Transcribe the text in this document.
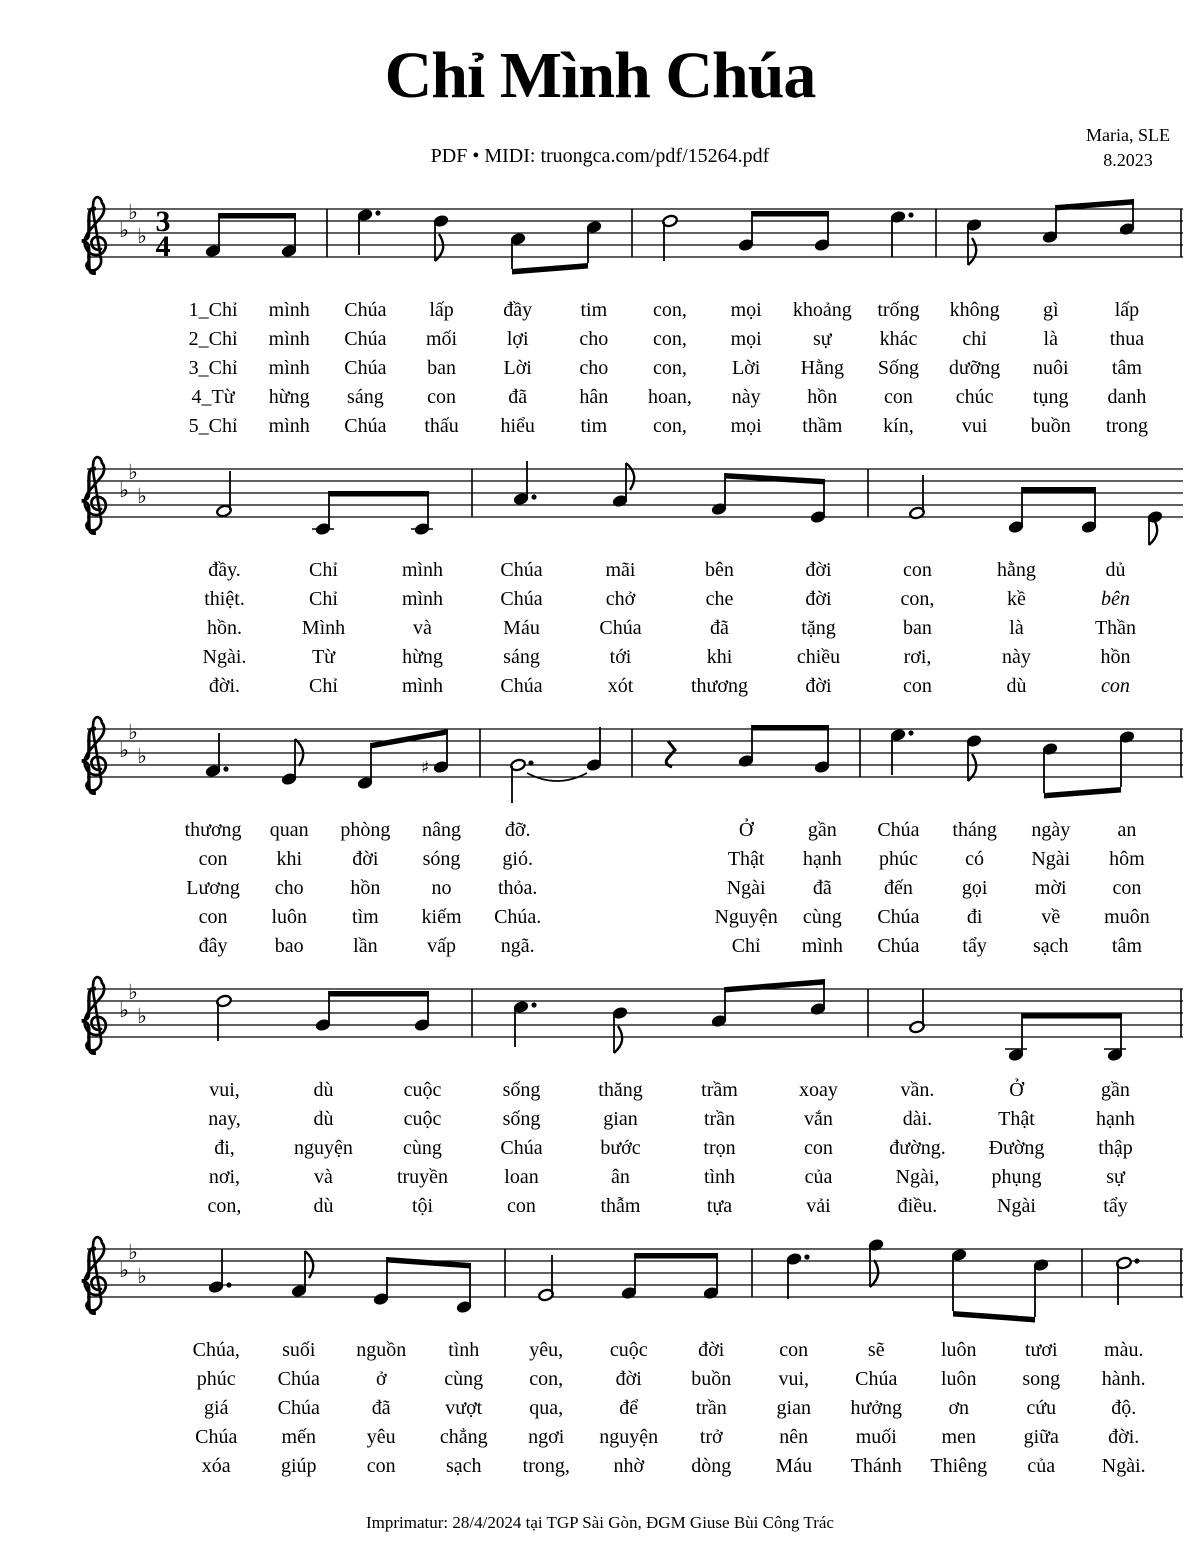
Chỉ Mình Chúa
PDF • MIDI: truongca.com/pdf/15264.pdf
Maria, SLE
8.2023
{ ♭
♭
♭ 3
4
1_Chỉ	mình	Chúa	lấp	đầy	tim	con,	mọi	khoảng	trống	không	gì	lấp
2_Chỉ	mình	Chúa	mối	lợi	cho	con,	mọi	sự	khác	chỉ	là	thua
3_Chỉ	mình	Chúa	ban	Lời	cho	con,	Lời	Hằng	Sống	dưỡng	nuôi	tâm
4_Từ	hừng	sáng	con	đã	hân	hoan,	này	hồn	con	chúc	tụng	danh
5_Chỉ	mình	Chúa	thấu	hiểu	tim	con,	mọi	thầm	kín,	vui	buồn	trong
{ ♭
♭
♭
đầy.	Chỉ	mình	Chúa	mãi	bên	đời	con	hằng	dủ
thiệt.	Chỉ	mình	Chúa	chở	che	đời	con,	kề	bên
hồn.	Mình	và	Máu	Chúa	đã	tặng	ban	là	Thần
Ngài.	Từ	hừng	sáng	tới	khi	chiều	rơi,	này	hồn
đời.	Chỉ	mình	Chúa	xót	thương	đời	con	dù	con
{ ♭
♭
♭	♯
thương	quan	phòng	nâng	đỡ.	Ở	gần	Chúa	tháng	ngày	an
con	khi	đời	sóng	gió.	Thật	hạnh	phúc	có	Ngài	hôm
Lương	cho	hồn	no	thỏa.	Ngài	đã	đến	gọi	mời	con
con	luôn	tìm	kiếm	Chúa.	Nguyện	cùng	Chúa	đi	về	muôn
đây	bao	lần	vấp	ngã.	Chỉ	mình	Chúa	tẩy	sạch	tâm
{ ♭
♭
♭
vui,	dù	cuộc	sống	thăng	trầm	xoay	vần.	Ở	gần
nay,	dù	cuộc	sống	gian	trần	vắn	dài.	Thật	hạnh
đi,	nguyện	cùng	Chúa	bước	trọn	con	đường.	Đường	thập
nơi,	và	truyền	loan	ân	tình	của	Ngài,	phụng	sự
con,	dù	tội	con	thẫm	tựa	vải	điều.	Ngài	tẩy
{ ♭
♭
♭
Chúa,	suối	nguồn	tình	yêu,	cuộc	đời	con	sẽ	luôn	tươi	màu.
phúc	Chúa	ở	cùng	con,	đời	buồn	vui,	Chúa	luôn	song	hành.
giá	Chúa	đã	vượt	qua,	để	trần	gian	hưởng	ơn	cứu	độ.
Chúa	mến	yêu	chẳng	ngơi	nguyện	trở	nên	muối	men	giữa	đời.
xóa	giúp	con	sạch	trong,	nhờ	dòng	Máu	Thánh	Thiêng	của	Ngài.
Imprimatur: 28/4/2024 tại TGP Sài Gòn, ĐGM Giuse Bùi Công Trác
